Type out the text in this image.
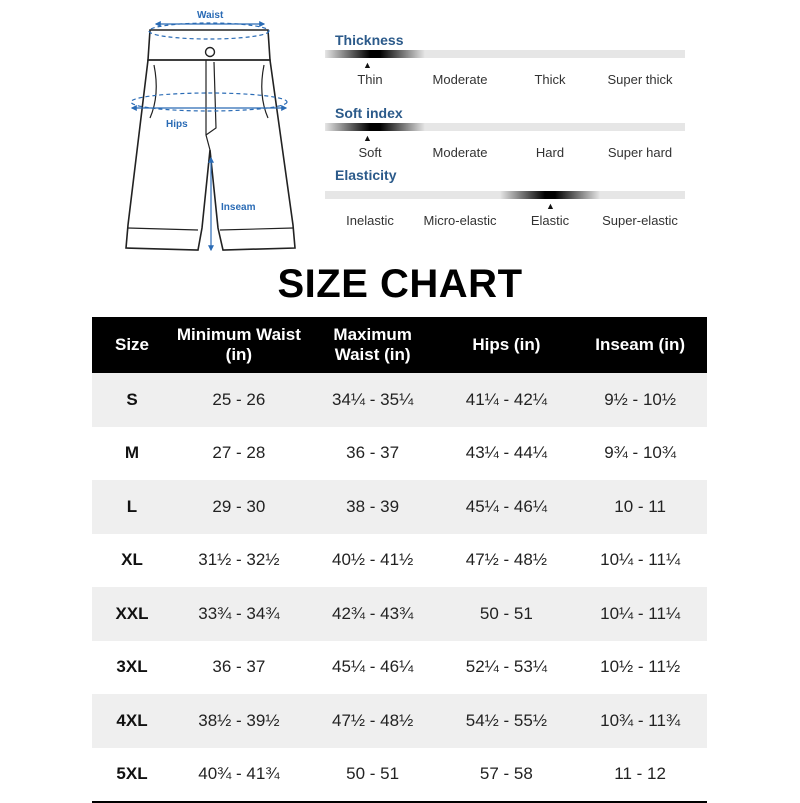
Waist
Hips
Inseam
Thickness
▲
Thin	Moderate	Thick	Super thick
Soft index
▲
Soft	Moderate	Hard	Super hard
Elasticity
▲
Inelastic	Micro-elastic	Elastic	Super-elastic
SIZE CHART
Size	Minimum Waist (in)	Maximum Waist (in)	Hips (in)	Inseam (in)
S	25 - 26	34¼ - 35¼	41¼ - 42¼	9½ - 10½
M	27 - 28	36 - 37	43¼ - 44¼	9¾ - 10¾
L	29 - 30	38 - 39	45¼ - 46¼	10 - 11
XL	31½ - 32½	40½ - 41½	47½ - 48½	10¼ - 11¼
XXL	33¾ - 34¾	42¾ - 43¾	50 - 51	10¼ - 11¼
3XL	36 - 37	45¼ - 46¼	52¼ - 53¼	10½ - 11½
4XL	38½ - 39½	47½ - 48½	54½ - 55½	10¾ - 11¾
5XL	40¾ - 41¾	50 - 51	57 - 58	11 - 12
